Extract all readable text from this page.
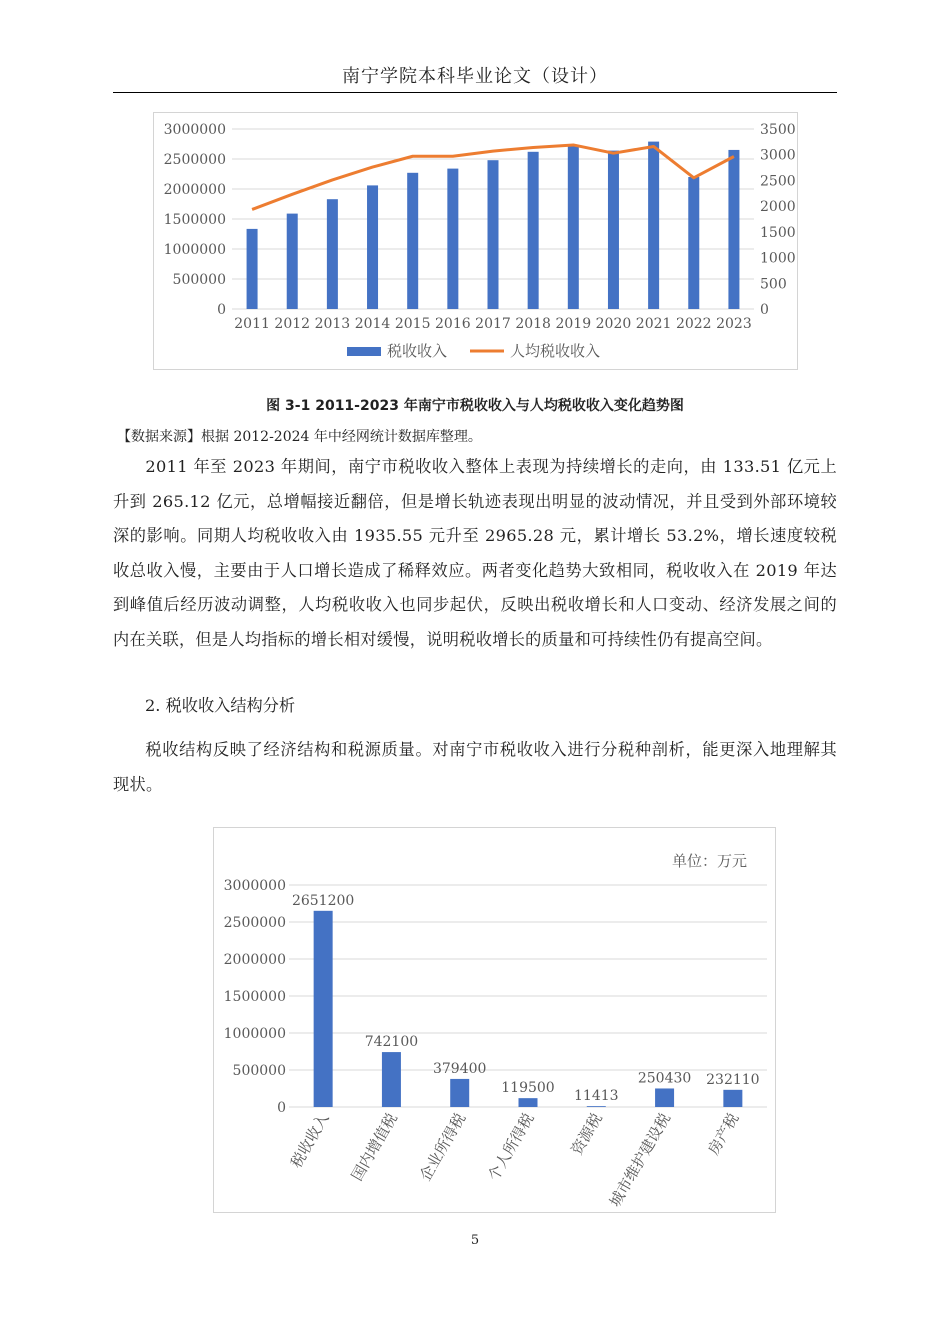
南宁学院本科毕业论文（设计）
0
500000
1000000
1500000
2000000
2500000
3000000
0
500
1000
1500
2000
2500
3000
3500
2011 2012 2013 2014 2015 2016 2017 2018 2019 2020 2021 2022 2023
税收收入	人均税收收入
图 3-1 2011-2023 年南宁市税收收入与人均税收收入变化趋势图
【数据来源】根据 2012-2024 年中经网统计数据库整理。

2011 年至 2023 年期间，南宁市税收收入整体上表现为持续增长的走向，由 133.51 亿元上升到 265.12 亿元，总增幅接近翻倍，但是增长轨迹表现出明显的波动情况，并且受到外部环境较深的影响。同期人均税收收入由 1935.55 元升至 2965.28 元，累计增长 53.2%，增长速度较税收总收入慢，主要由于人口增长造成了稀释效应。两者变化趋势大致相同，税收收入在 2019 年达到峰值后经历波动调整，人均税收收入也同步起伏，反映出税收增长和人口变动、经济发展之间的内在关联，但是人均指标的增长相对缓慢，说明税收增长的质量和可持续性仍有提高空间。

2. 税收收入结构分析

税收结构反映了经济结构和税源质量。对南宁市税收收入进行分税种剖析，能更深入地理解其现状。

单位：万元
0
500000
1000000
1500000
2000000
2500000
3000000
2651200
税收收入
742100
国内增值税
379400
企业所得税
119500
个人所得税
11413
资源税
250430
城市维护建设税
232110
房产税
5
